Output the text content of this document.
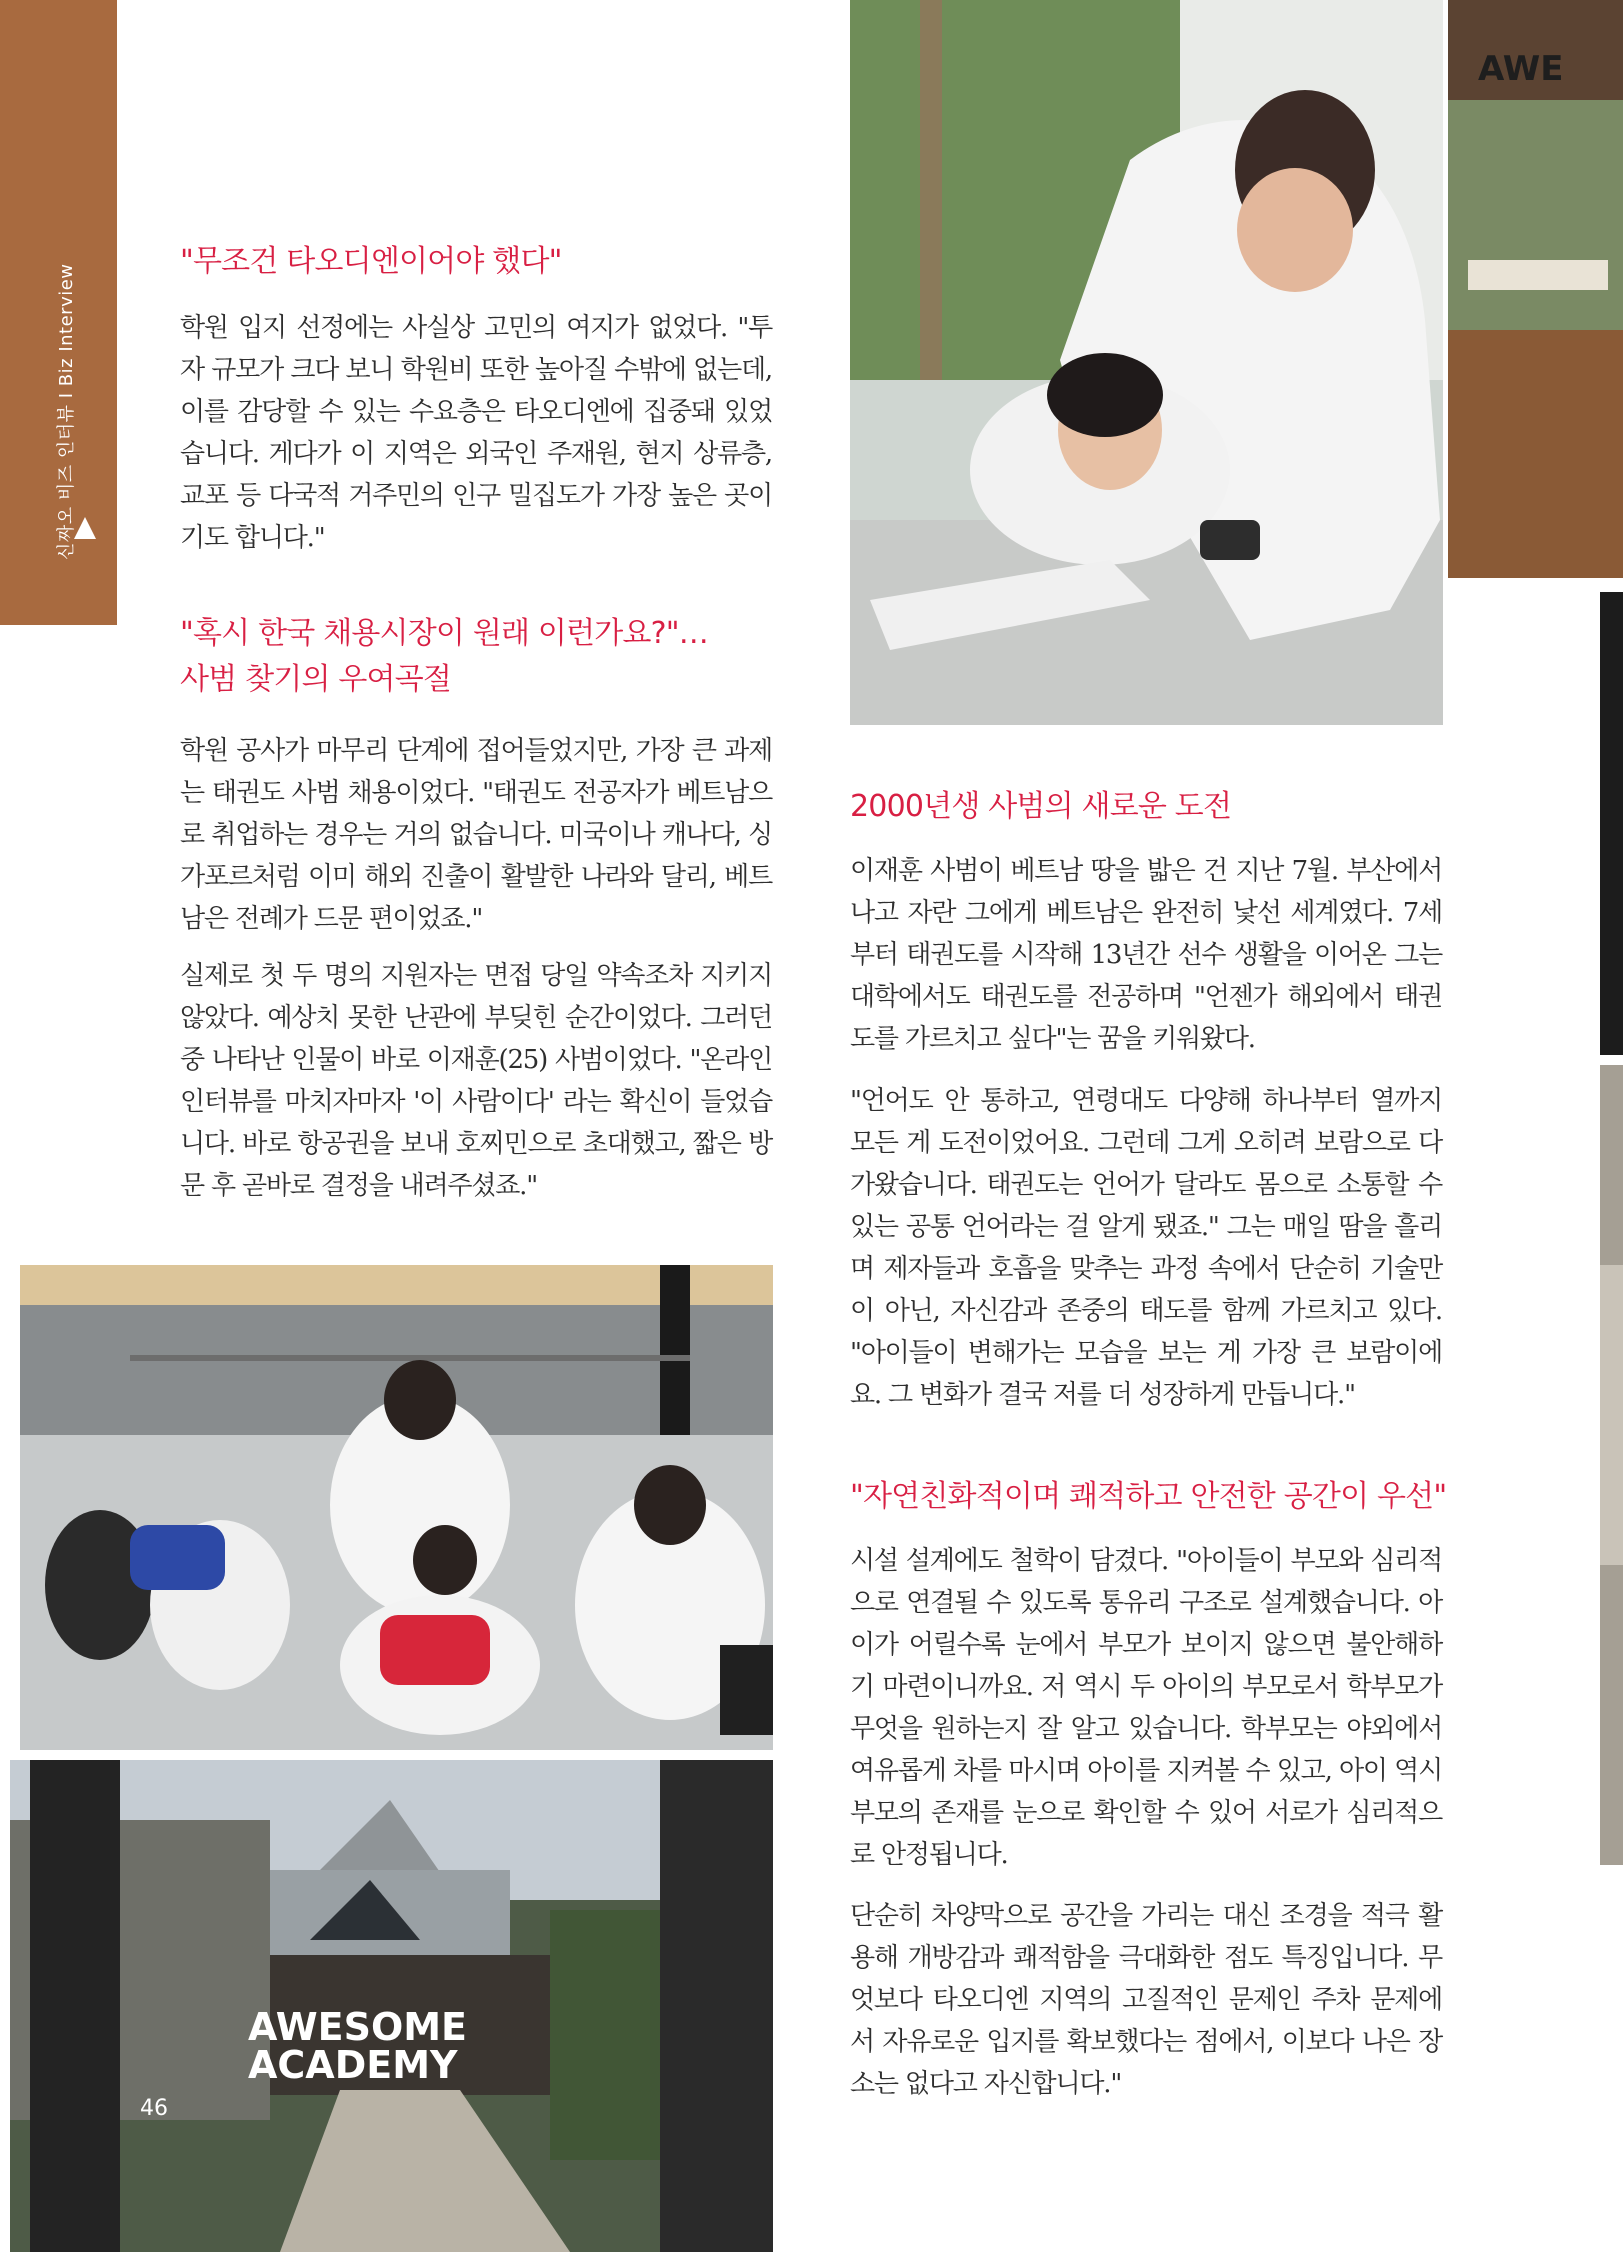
신짜오 비즈 인터뷰 I Biz Interview
"무조건 타오디엔이어야 했다"

학원 입지 선정에는 사실상 고민의 여지가 없었다. "투자 규모가 크다 보니 학원비 또한 높아질 수밖에 없는데, 이를 감당할 수 있는 수요층은 타오디엔에 집중돼 있었습니다. 게다가 이 지역은 외국인 주재원, 현지 상류층, 교포 등 다국적 거주민의 인구 밀집도가 가장 높은 곳이기도 합니다."

"혹시 한국 채용시장이 원래 이런가요?"…
사범 찾기의 우여곡절

학원 공사가 마무리 단계에 접어들었지만, 가장 큰 과제는 태권도 사범 채용이었다. "태권도 전공자가 베트남으로 취업하는 경우는 거의 없습니다. 미국이나 캐나다, 싱가포르처럼 이미 해외 진출이 활발한 나라와 달리, 베트남은 전례가 드문 편이었죠."

실제로 첫 두 명의 지원자는 면접 당일 약속조차 지키지 않았다. 예상치 못한 난관에 부딪힌 순간이었다. 그러던 중 나타난 인물이 바로 이재훈(25) 사범이었다. "온라인 인터뷰를 마치자마자 '이 사람이다' 라는 확신이 들었습니다. 바로 항공권을 보내 호찌민으로 초대했고, 짧은 방문 후 곧바로 결정을 내려주셨죠."

2000년생 사범의 새로운 도전

이재훈 사범이 베트남 땅을 밟은 건 지난 7월. 부산에서 나고 자란 그에게 베트남은 완전히 낯선 세계였다. 7세부터 태권도를 시작해 13년간 선수 생활을 이어온 그는 대학에서도 태권도를 전공하며 "언젠가 해외에서 태권도를 가르치고 싶다"는 꿈을 키워왔다.

"언어도 안 통하고, 연령대도 다양해 하나부터 열까지 모든 게 도전이었어요. 그런데 그게 오히려 보람으로 다가왔습니다. 태권도는 언어가 달라도 몸으로 소통할 수 있는 공통 언어라는 걸 알게 됐죠." 그는 매일 땀을 흘리며 제자들과 호흡을 맞추는 과정 속에서 단순히 기술만이 아닌, 자신감과 존중의 태도를 함께 가르치고 있다. "아이들이 변해가는 모습을 보는 게 가장 큰 보람이에요. 그 변화가 결국 저를 더 성장하게 만듭니다."

"자연친화적이며 쾌적하고 안전한 공간이 우선"

시설 설계에도 철학이 담겼다. "아이들이 부모와 심리적으로 연결될 수 있도록 통유리 구조로 설계했습니다. 아이가 어릴수록 눈에서 부모가 보이지 않으면 불안해하기 마련이니까요. 저 역시 두 아이의 부모로서 학부모가 무엇을 원하는지 잘 알고 있습니다. 학부모는 야외에서 여유롭게 차를 마시며 아이를 지켜볼 수 있고, 아이 역시 부모의 존재를 눈으로 확인할 수 있어 서로가 심리적으로 안정됩니다.

단순히 차양막으로 공간을 가리는 대신 조경을 적극 활용해 개방감과 쾌적함을 극대화한 점도 특징입니다. 무엇보다 타오디엔 지역의 고질적인 문제인 주차 문제에서 자유로운 입지를 확보했다는 점에서, 이보다 나은 장소는 없다고 자신합니다."

AWE
AWESOME
ACADEMY
46
